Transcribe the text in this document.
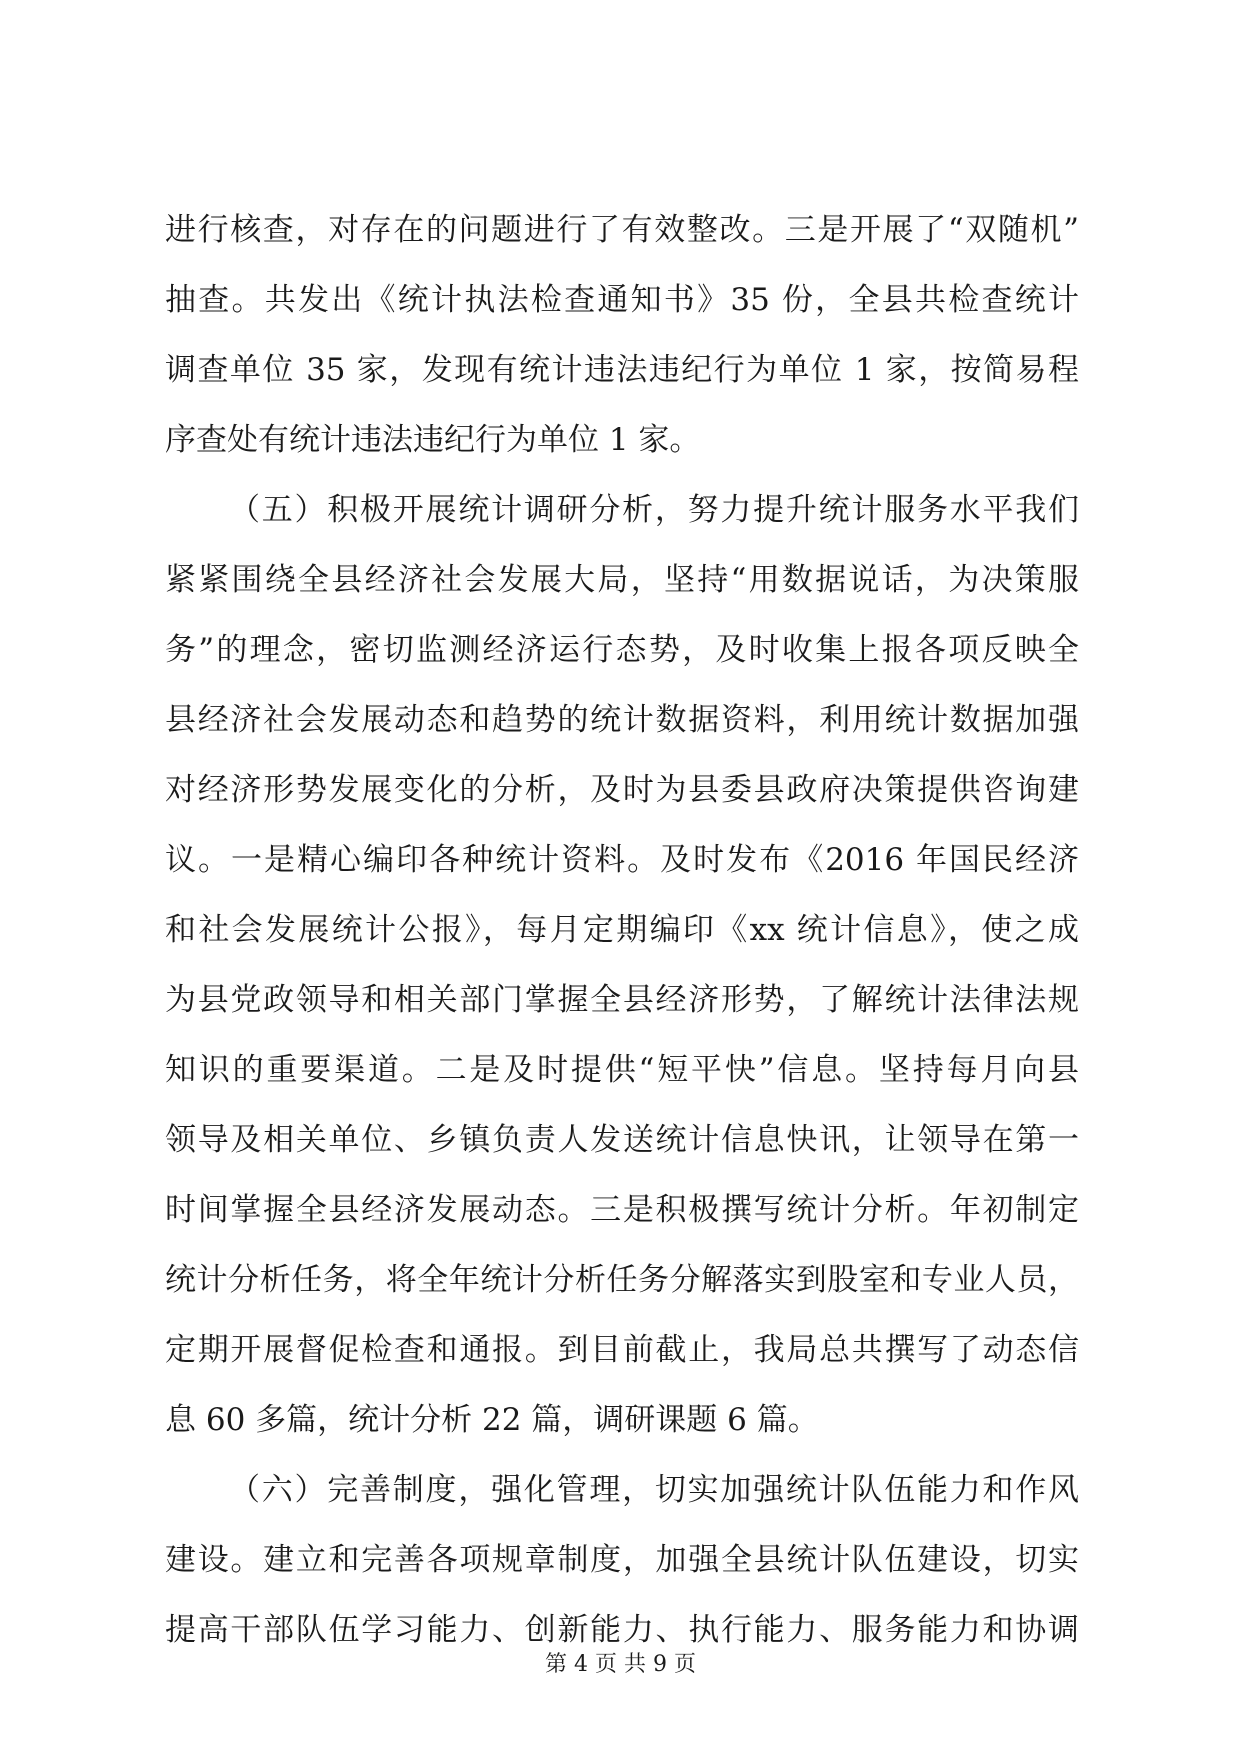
进行核查，对存在的问题进行了有效整改。三是开展了“双随机”
抽查。共发出《统计执法检查通知书》35 份，全县共检查统计
调查单位 35 家，发现有统计违法违纪行为单位 1 家，按简易程
序查处有统计违法违纪行为单位 1 家。
（五）积极开展统计调研分析，努力提升统计服务水平我们
紧紧围绕全县经济社会发展大局，坚持“用数据说话，为决策服
务”的理念，密切监测经济运行态势，及时收集上报各项反映全
县经济社会发展动态和趋势的统计数据资料，利用统计数据加强
对经济形势发展变化的分析，及时为县委县政府决策提供咨询建
议。一是精心编印各种统计资料。及时发布《2016 年国民经济
和社会发展统计公报》，每月定期编印《xx 统计信息》，使之成
为县党政领导和相关部门掌握全县经济形势，了解统计法律法规
知识的重要渠道。二是及时提供“短平快”信息。坚持每月向县
领导及相关单位、乡镇负责人发送统计信息快讯，让领导在第一
时间掌握全县经济发展动态。三是积极撰写统计分析。年初制定
统计分析任务，将全年统计分析任务分解落实到股室和专业人员，
定期开展督促检查和通报。到目前截止，我局总共撰写了动态信
息 60 多篇，统计分析 22 篇，调研课题 6 篇。
（六）完善制度，强化管理，切实加强统计队伍能力和作风
建设。建立和完善各项规章制度，加强全县统计队伍建设，切实
提高干部队伍学习能力、创新能力、执行能力、服务能力和协调
第 4 页 共 9 页
